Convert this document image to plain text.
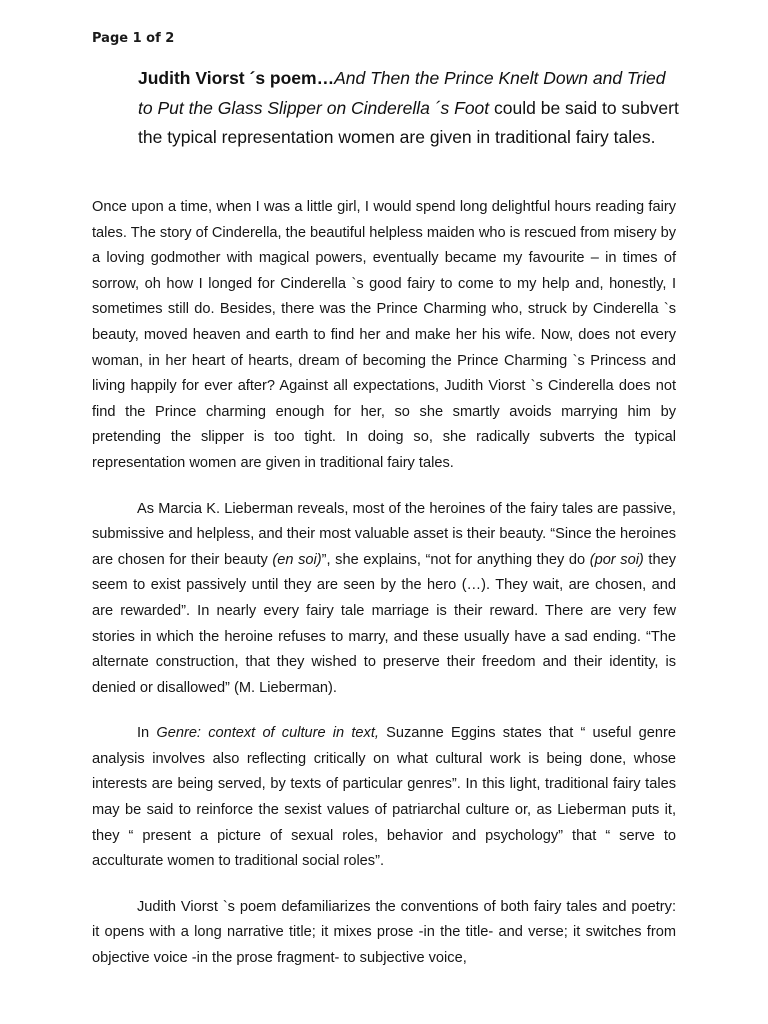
Page 1 of 2
Judith Viorst ´s poem…And Then the Prince Knelt Down and Tried to Put the Glass Slipper on Cinderella ´s Foot could be said to subvert the typical representation women are given in traditional fairy tales.

Once upon a time, when I was a little girl, I would spend long delightful hours reading fairy tales. The story of Cinderella, the beautiful helpless maiden who is rescued from misery by a loving godmother with magical powers, eventually became my favourite – in times of sorrow, oh how I longed for Cinderella `s good fairy to come to my help and, honestly, I sometimes still do. Besides, there was the Prince Charming who, struck by Cinderella `s beauty, moved heaven and earth to find her and make her his wife. Now, does not every woman, in her heart of hearts, dream of becoming the Prince Charming `s Princess and living happily for ever after? Against all expectations, Judith Viorst `s Cinderella does not find the Prince charming enough for her, so she smartly avoids marrying him by pretending the slipper is too tight. In doing so, she radically subverts the typical representation women are given in traditional fairy tales.

As Marcia K. Lieberman reveals, most of the heroines of the fairy tales are passive, submissive and helpless, and their most valuable asset is their beauty. “Since the heroines are chosen for their beauty (en soi)”, she explains, “not for anything they do (por soi) they seem to exist passively until they are seen by the hero (…). They wait, are chosen, and are rewarded”. In nearly every fairy tale marriage is their reward. There are very few stories in which the heroine refuses to marry, and these usually have a sad ending. “The alternate construction, that they wished to preserve their freedom and their identity, is denied or disallowed” (M. Lieberman).

In Genre: context of culture in text, Suzanne Eggins states that “ useful genre analysis involves also reflecting critically on what cultural work is being done, whose interests are being served, by texts of particular genres”. In this light, traditional fairy tales may be said to reinforce the sexist values of patriarchal culture or, as Lieberman puts it, they “ present a picture of sexual roles, behavior and psychology” that “ serve to acculturate women to traditional social roles”.

Judith Viorst `s poem defamiliarizes the conventions of both fairy tales and poetry: it opens with a long narrative title; it mixes prose -in the title- and verse; it switches from objective voice -in the prose fragment- to subjective voice,
